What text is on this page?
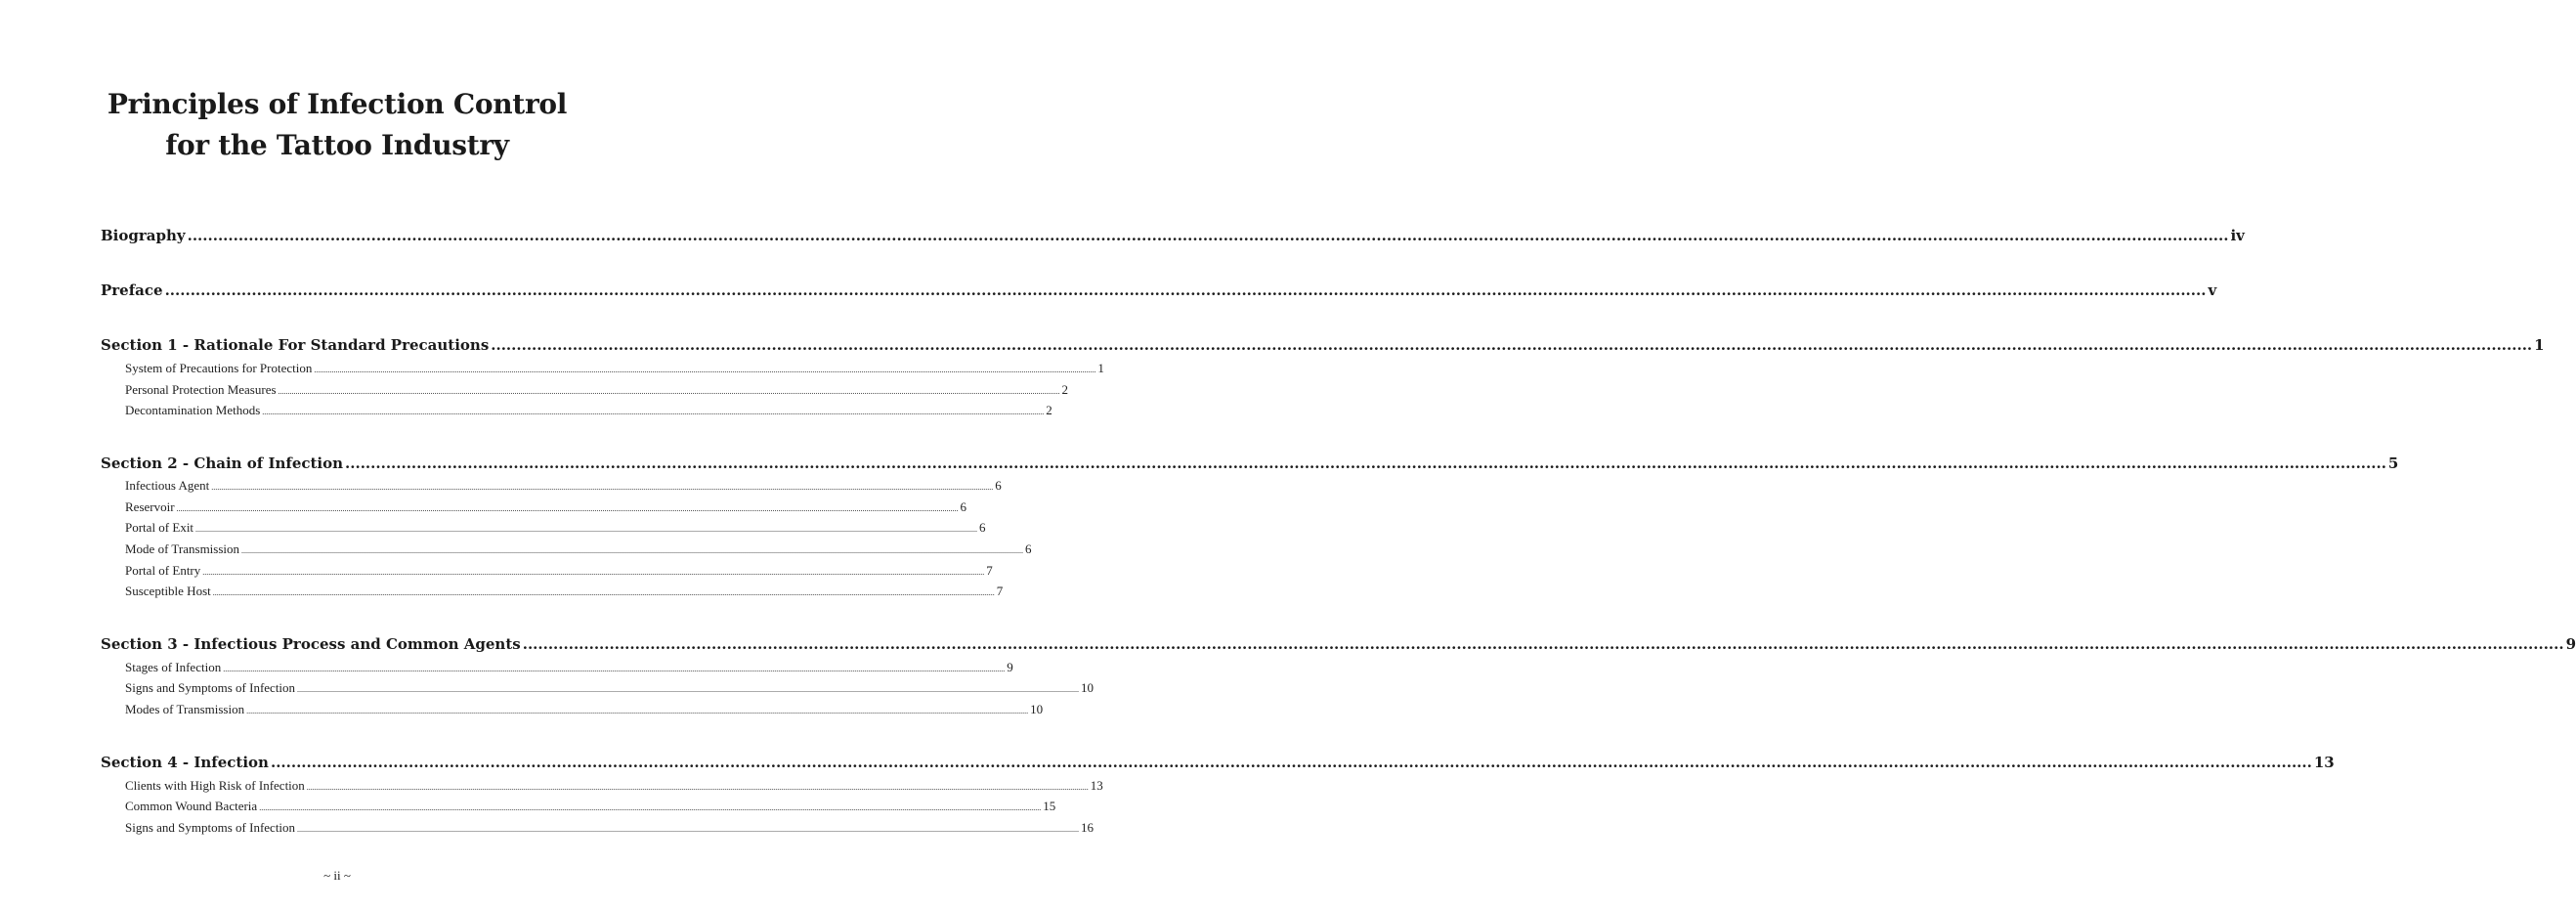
Principles of Infection Control
for the Tattoo Industry
Biography ................................................................................................................................................................................................................................................................................................................................................................................................................ iv
Preface ................................................................................................................................................................................................................................................................................................................................................................................................................ v
Section 1 - Rationale For Standard Precautions ................................................................................................................................................................................................................................................................................................................................................................................................................ 1
System of Precautions for Protection ................................................................................................................................................................................................................................................................................................................................................................................................................ 1
Personal Protection Measures ................................................................................................................................................................................................................................................................................................................................................................................................................ 2
Decontamination Methods ................................................................................................................................................................................................................................................................................................................................................................................................................ 2
Section 2 - Chain of Infection ................................................................................................................................................................................................................................................................................................................................................................................................................ 5
Infectious Agent ................................................................................................................................................................................................................................................................................................................................................................................................................ 6
Reservoir ................................................................................................................................................................................................................................................................................................................................................................................................................ 6
Portal of Exit ................................................................................................................................................................................................................................................................................................................................................................................................................ 6
Mode of Transmission ................................................................................................................................................................................................................................................................................................................................................................................................................ 6
Portal of Entry ................................................................................................................................................................................................................................................................................................................................................................................................................ 7
Susceptible Host ................................................................................................................................................................................................................................................................................................................................................................................................................ 7
Section 3 - Infectious Process and Common Agents ................................................................................................................................................................................................................................................................................................................................................................................................................ 9
Stages of Infection ................................................................................................................................................................................................................................................................................................................................................................................................................ 9
Signs and Symptoms of Infection ................................................................................................................................................................................................................................................................................................................................................................................................................ 10
Modes of Transmission ................................................................................................................................................................................................................................................................................................................................................................................................................ 10
Section 4 - Infection ................................................................................................................................................................................................................................................................................................................................................................................................................ 13
Clients with High Risk of Infection ................................................................................................................................................................................................................................................................................................................................................................................................................ 13
Common Wound Bacteria ................................................................................................................................................................................................................................................................................................................................................................................................................ 15
Signs and Symptoms of Infection ................................................................................................................................................................................................................................................................................................................................................................................................................ 16
~ ii ~
